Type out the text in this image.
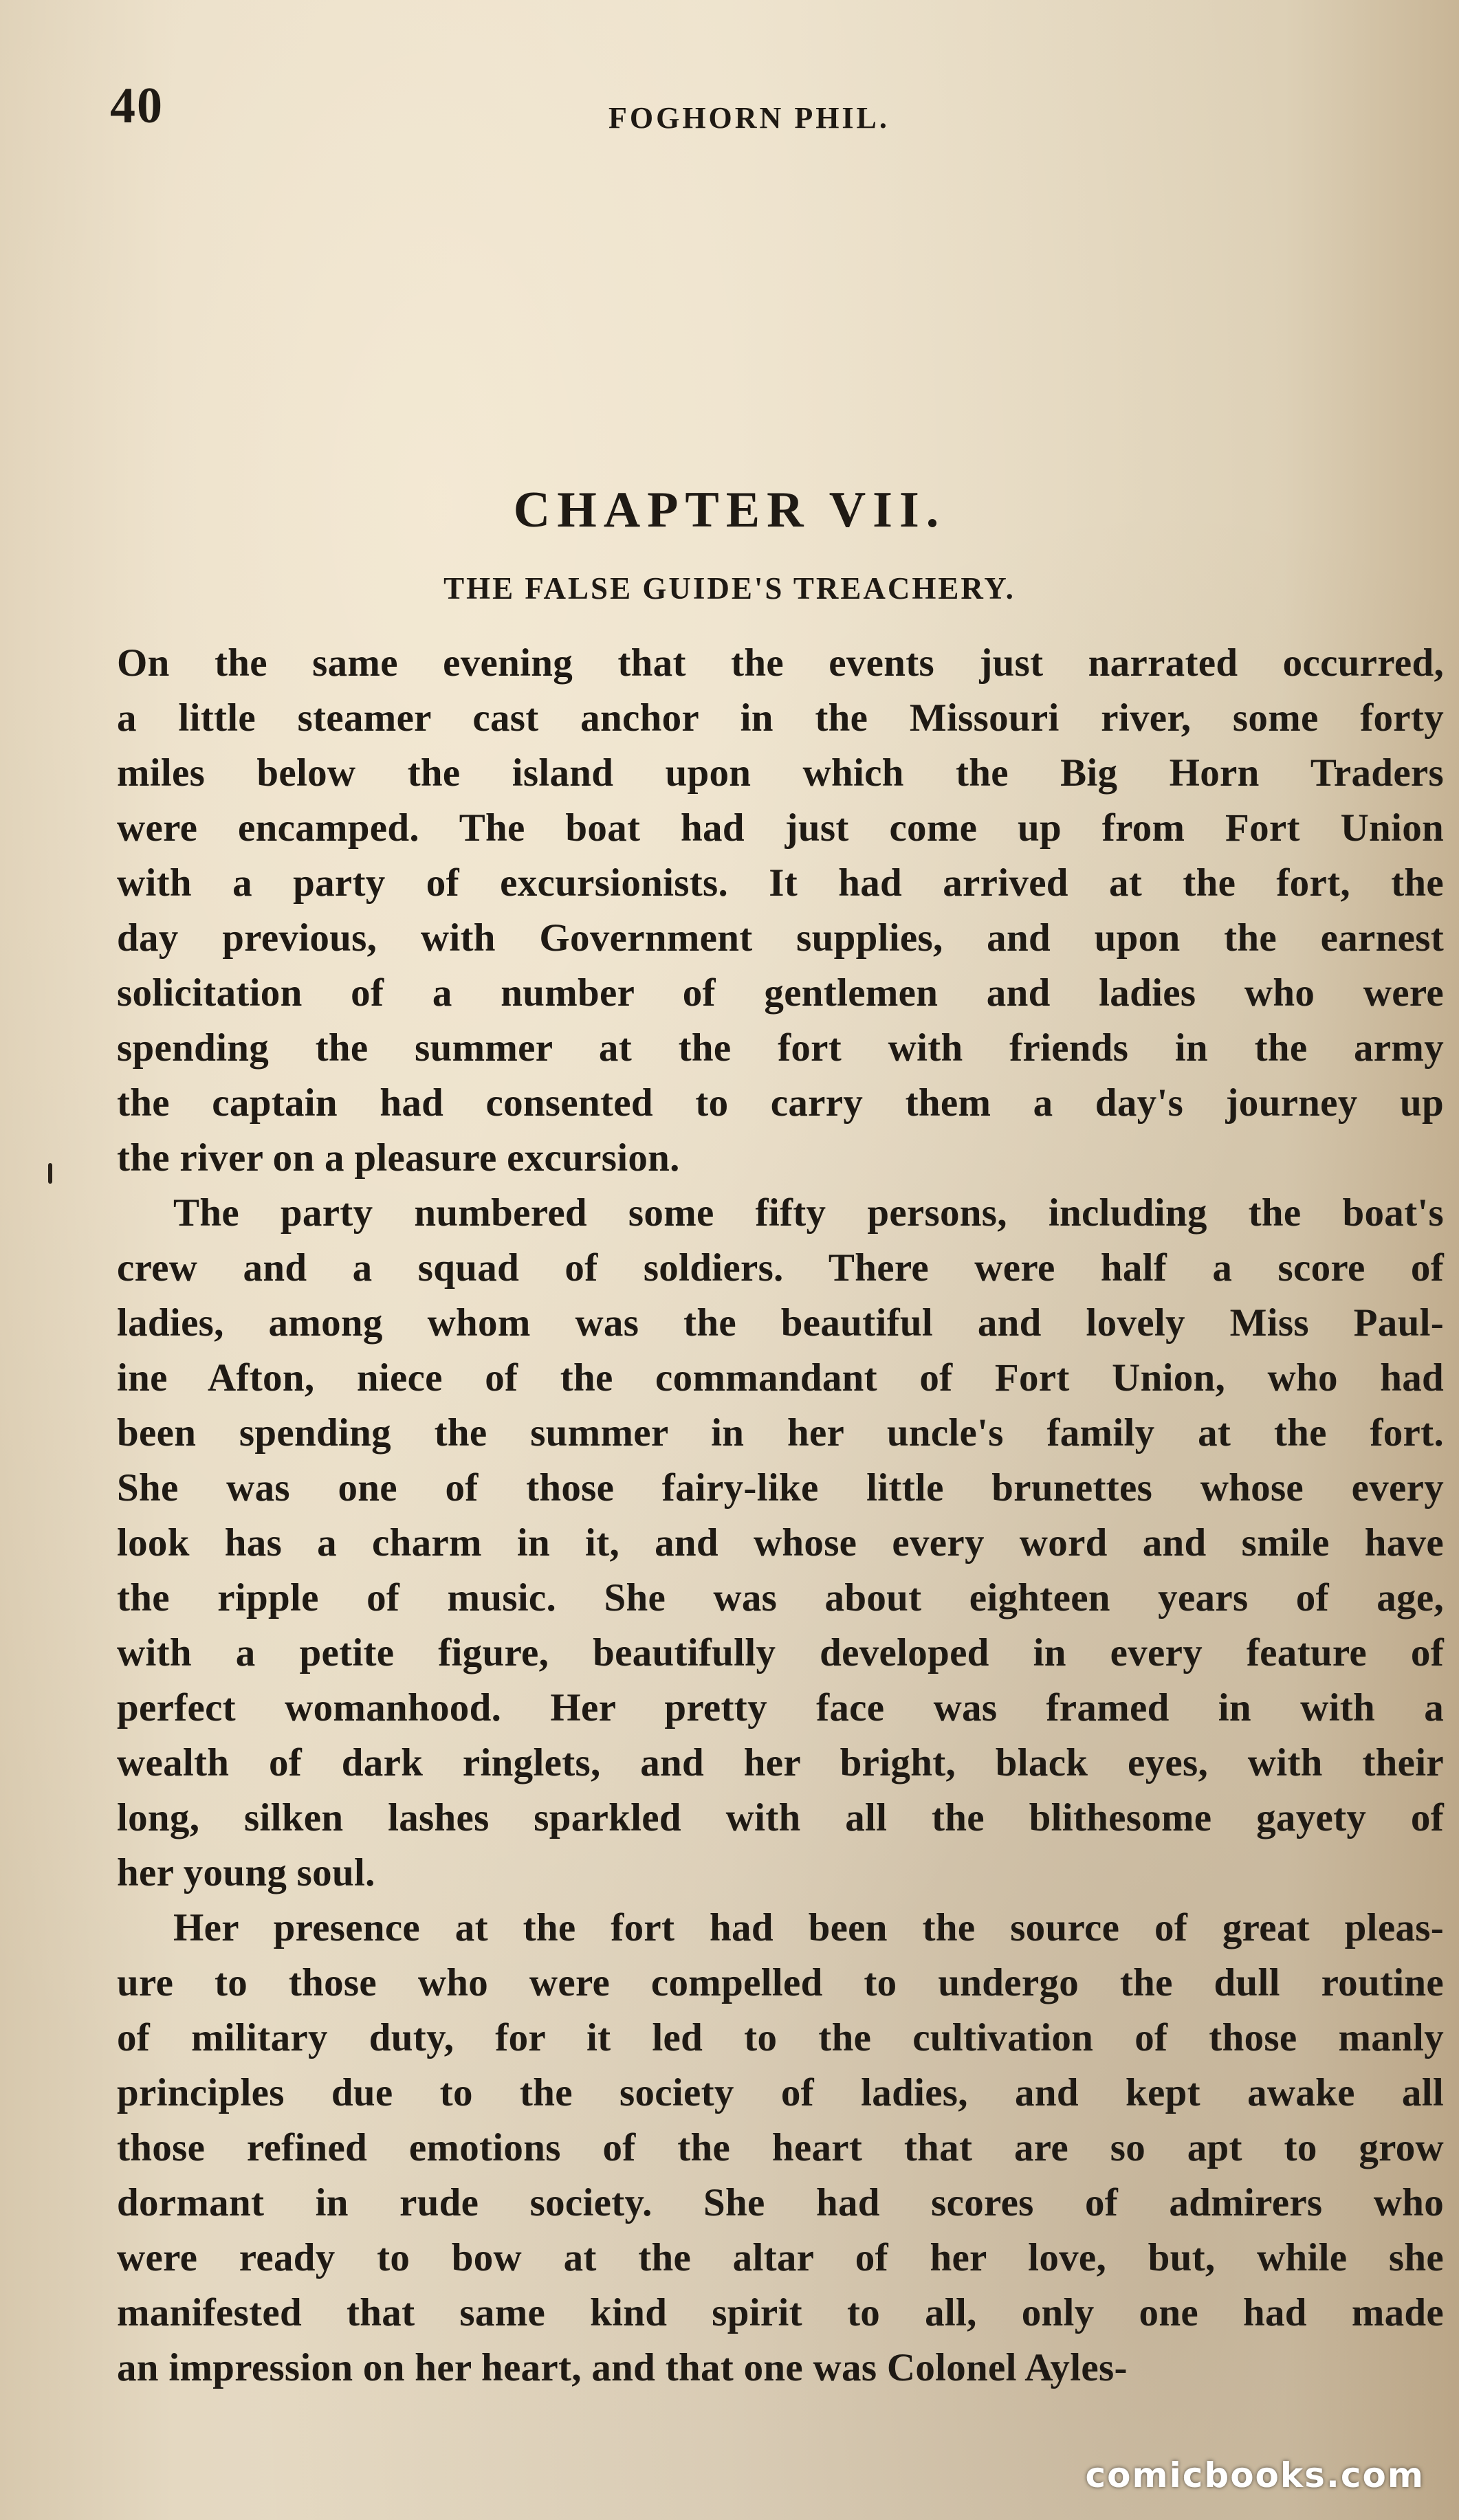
40	FOGHORN PHIL.
CHAPTER VII.
THE FALSE GUIDE'S TREACHERY.
On the same evening that the events just narrated occurred,
a little steamer cast anchor in the Missouri river, some forty
miles below the island upon which the Big Horn Traders
were encamped. The boat had just come up from Fort Union
with a party of excursionists. It had arrived at the fort, the
day previous, with Government supplies, and upon the earnest
solicitation of a number of gentlemen and ladies who were
spending the summer at the fort with friends in the army
the captain had consented to carry them a day's journey up
the river on a pleasure excursion.
The party numbered some fifty persons, including the boat's
crew and a squad of soldiers. There were half a score of
ladies, among whom was the beautiful and lovely Miss Paul-
ine Afton, niece of the commandant of Fort Union, who had
been spending the summer in her uncle's family at the fort.
She was one of those fairy-like little brunettes whose every
look has a charm in it, and whose every word and smile have
the ripple of music. She was about eighteen years of age,
with a petite figure, beautifully developed in every feature of
perfect womanhood. Her pretty face was framed in with a
wealth of dark ringlets, and her bright, black eyes, with their
long, silken lashes sparkled with all the blithesome gayety of
her young soul.
Her presence at the fort had been the source of great pleas-
ure to those who were compelled to undergo the dull routine
of military duty, for it led to the cultivation of those manly
principles due to the society of ladies, and kept awake all
those refined emotions of the heart that are so apt to grow
dormant in rude society. She had scores of admirers who
were ready to bow at the altar of her love, but, while she
manifested that same kind spirit to all, only one had made
an impression on her heart, and that one was Colonel Ayles-
comicbooks.com
